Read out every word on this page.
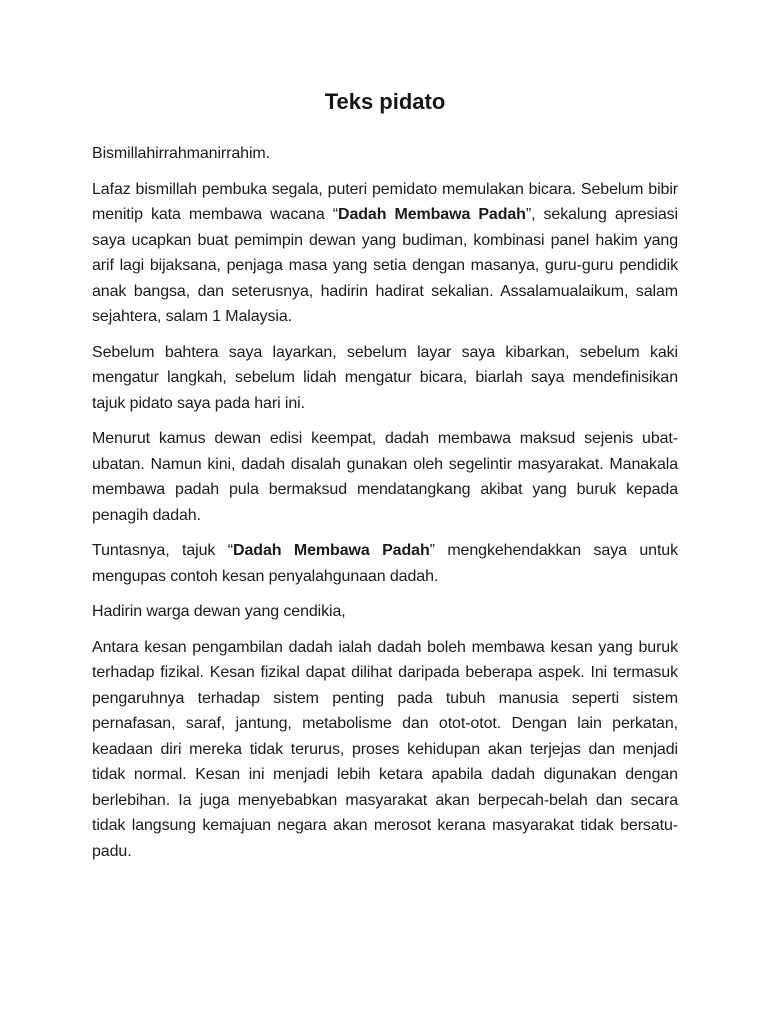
Teks pidato

Bismillahirrahmanirrahim.

Lafaz bismillah pembuka segala, puteri pemidato memulakan bicara. Sebelum bibir menitip kata membawa wacana “Dadah Membawa Padah”, sekalung apresiasi saya ucapkan buat pemimpin dewan yang budiman, kombinasi panel hakim yang arif lagi bijaksana, penjaga masa yang setia dengan masanya, guru-guru pendidik anak bangsa, dan seterusnya, hadirin hadirat sekalian. Assalamualaikum, salam sejahtera, salam 1 Malaysia.

Sebelum bahtera saya layarkan, sebelum layar saya kibarkan, sebelum kaki mengatur langkah, sebelum lidah mengatur bicara, biarlah saya mendefinisikan tajuk pidato saya pada hari ini.

Menurut kamus dewan edisi keempat, dadah membawa maksud sejenis ubat-ubatan. Namun kini, dadah disalah gunakan oleh segelintir masyarakat. Manakala membawa padah pula bermaksud mendatangkang akibat yang buruk kepada penagih dadah.

Tuntasnya, tajuk “Dadah Membawa Padah” mengkehendakkan saya untuk mengupas contoh kesan penyalahgunaan dadah.

Hadirin warga dewan yang cendikia,

Antara kesan pengambilan dadah ialah dadah boleh membawa kesan yang buruk terhadap fizikal. Kesan fizikal dapat dilihat daripada beberapa aspek. Ini termasuk pengaruhnya terhadap sistem penting pada tubuh manusia seperti sistem pernafasan, saraf, jantung, metabolisme dan otot-otot. Dengan lain perkatan, keadaan diri mereka tidak terurus, proses kehidupan akan terjejas dan menjadi tidak normal. Kesan ini menjadi lebih ketara apabila dadah digunakan dengan berlebihan. Ia juga menyebabkan masyarakat akan berpecah-belah dan secara tidak langsung kemajuan negara akan merosot kerana masyarakat tidak bersatu-padu.
